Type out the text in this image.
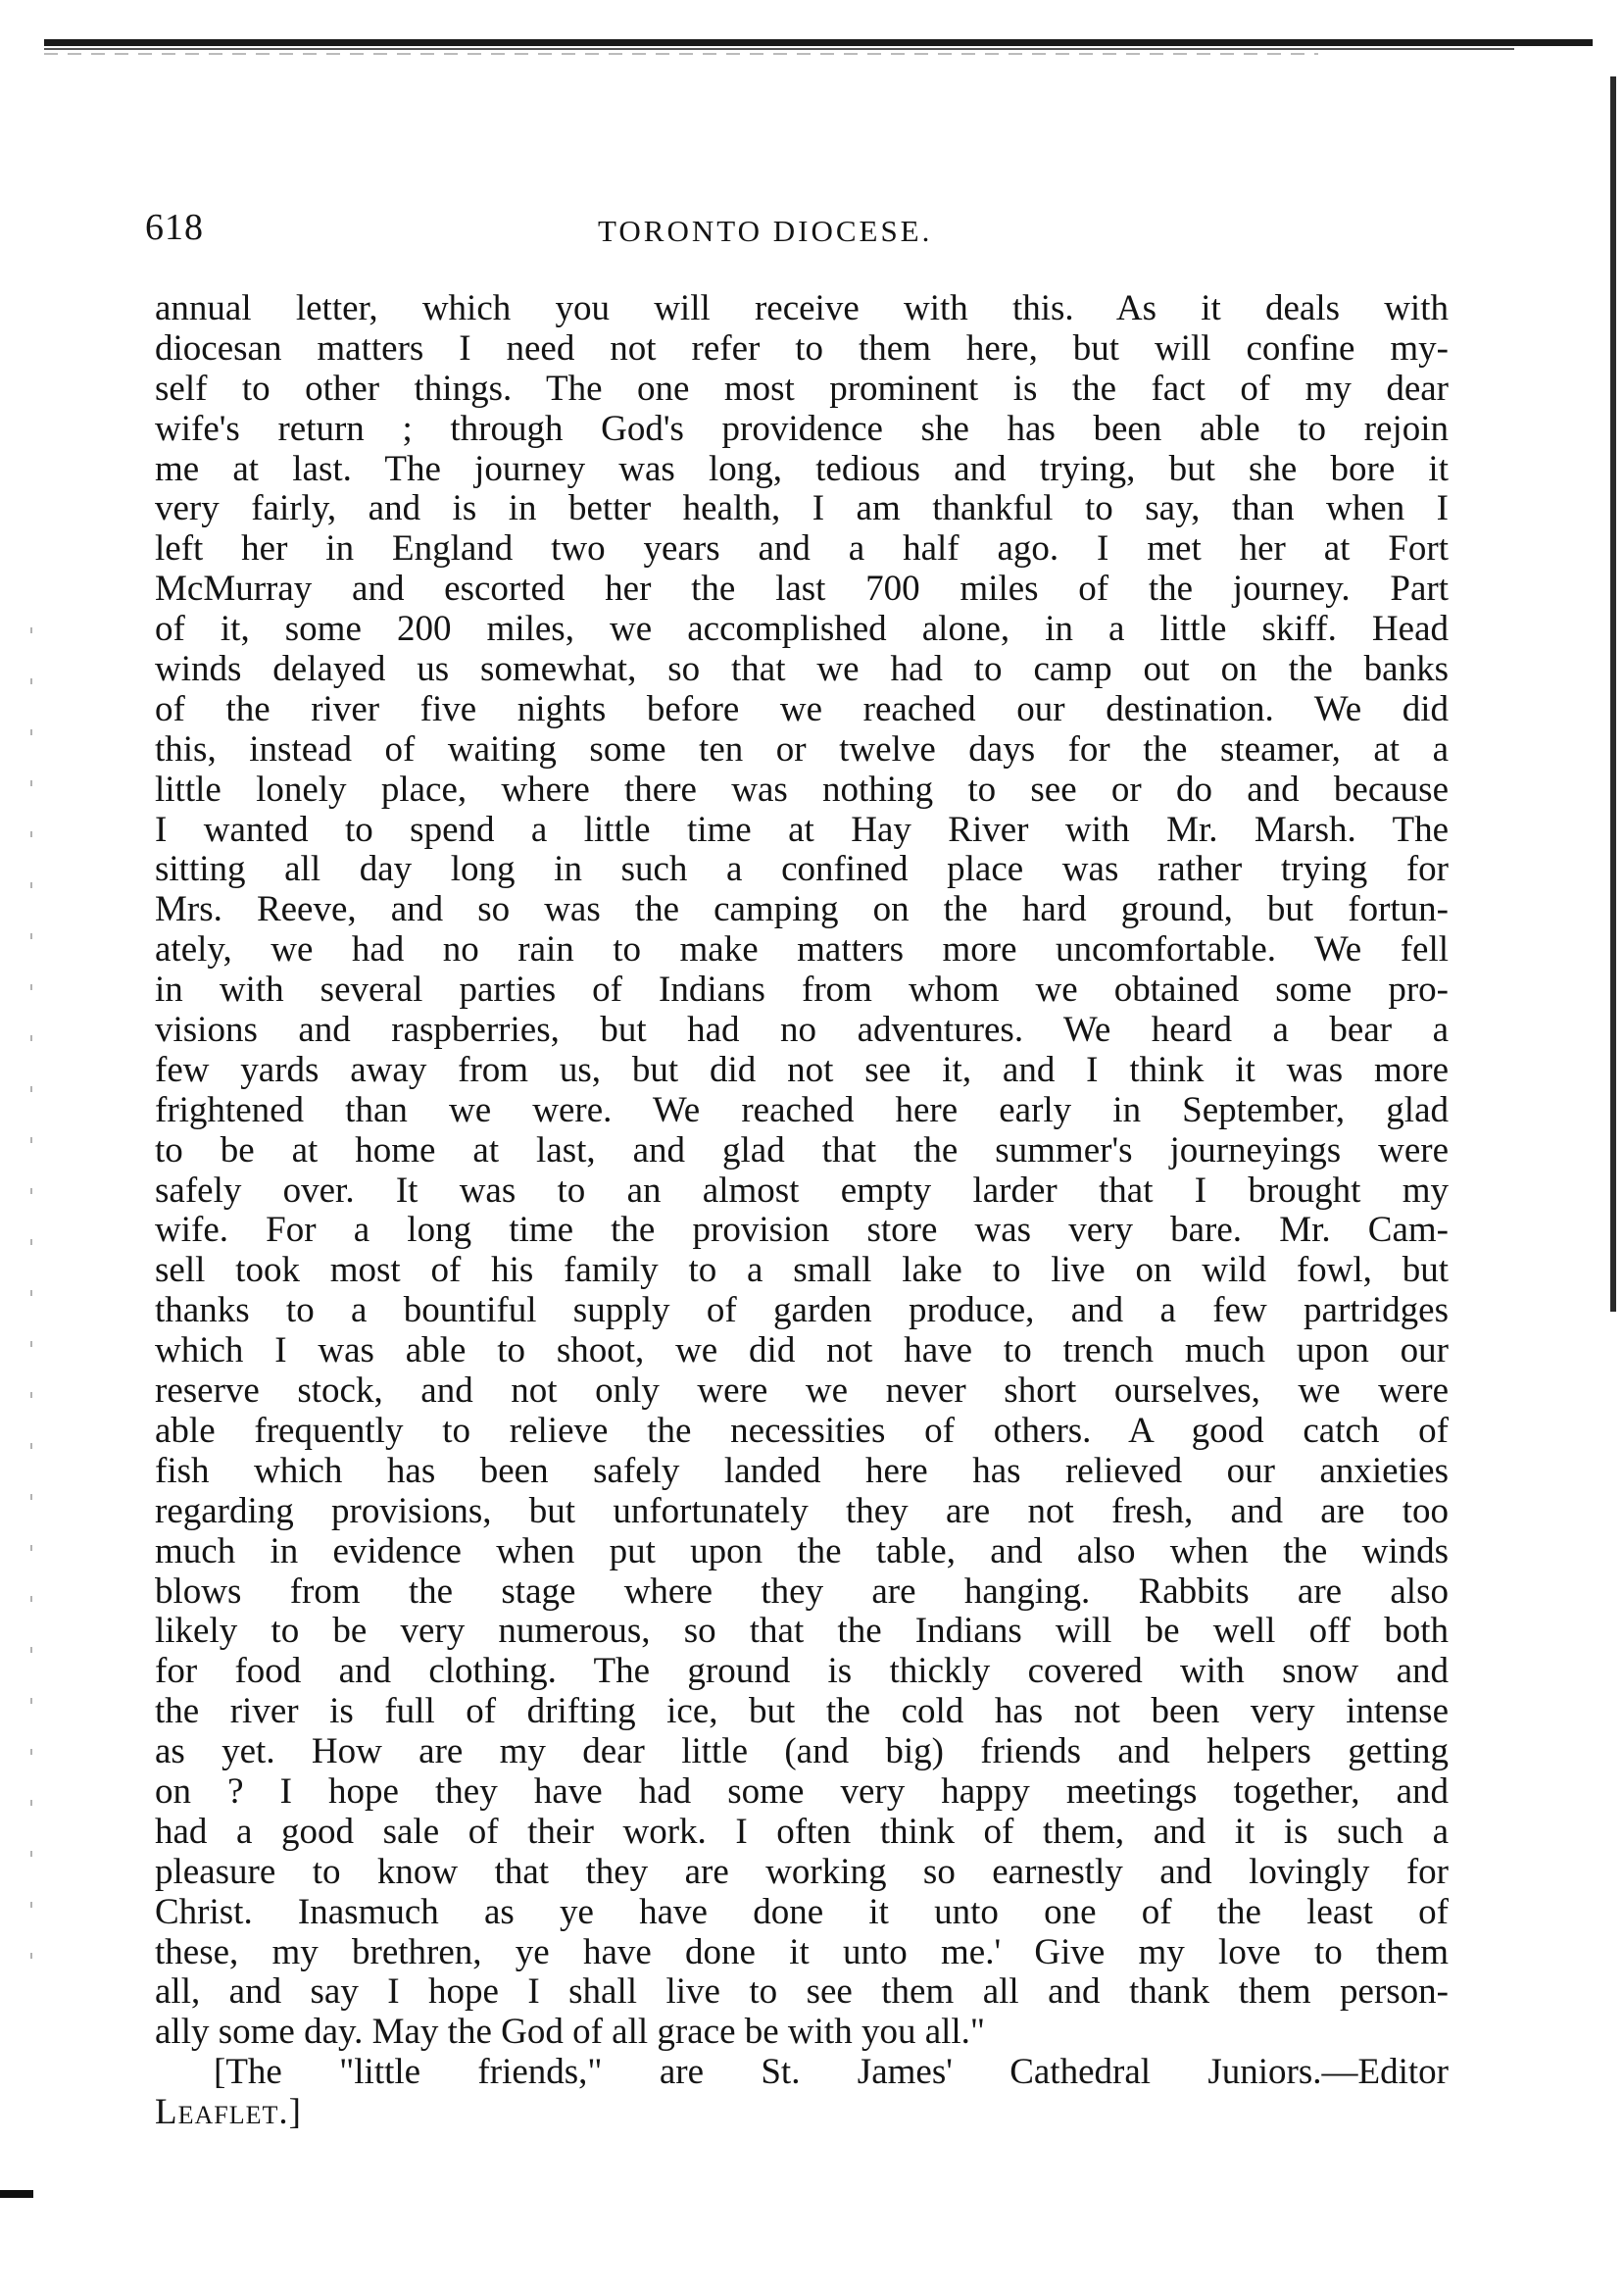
618	TORONTO DIOCESE.
annual letter, which you will receive with this. As it deals with
diocesan matters I need not refer to them here, but will confine my-
self to other things. The one most prominent is the fact of my dear
wife's return ; through God's providence she has been able to rejoin
me at last. The journey was long, tedious and trying, but she bore it
very fairly, and is in better health, I am thankful to say, than when I
left her in England two years and a half ago. I met her at Fort
McMurray and escorted her the last 700 miles of the journey. Part
of it, some 200 miles, we accomplished alone, in a little skiff. Head
winds delayed us somewhat, so that we had to camp out on the banks
of the river five nights before we reached our destination. We did
this, instead of waiting some ten or twelve days for the steamer, at a
little lonely place, where there was nothing to see or do and because
I wanted to spend a little time at Hay River with Mr. Marsh. The
sitting all day long in such a confined place was rather trying for
Mrs. Reeve, and so was the camping on the hard ground, but fortun-
ately, we had no rain to make matters more uncomfortable. We fell
in with several parties of Indians from whom we obtained some pro-
visions and raspberries, but had no adventures. We heard a bear a
few yards away from us, but did not see it, and I think it was more
frightened than we were. We reached here early in September, glad
to be at home at last, and glad that the summer's journeyings were
safely over. It was to an almost empty larder that I brought my
wife. For a long time the provision store was very bare. Mr. Cam-
sell took most of his family to a small lake to live on wild fowl, but
thanks to a bountiful supply of garden produce, and a few partridges
which I was able to shoot, we did not have to trench much upon our
reserve stock, and not only were we never short ourselves, we were
able frequently to relieve the necessities of others. A good catch of
fish which has been safely landed here has relieved our anxieties
regarding provisions, but unfortunately they are not fresh, and are too
much in evidence when put upon the table, and also when the winds
blows from the stage where they are hanging. Rabbits are also
likely to be very numerous, so that the Indians will be well off both
for food and clothing. The ground is thickly covered with snow and
the river is full of drifting ice, but the cold has not been very intense
as yet. How are my dear little (and big) friends and helpers getting
on ? I hope they have had some very happy meetings together, and
had a good sale of their work. I often think of them, and it is such a
pleasure to know that they are working so earnestly and lovingly for
Christ. Inasmuch as ye have done it unto one of the least of
these, my brethren, ye have done it unto me.' Give my love to them
all, and say I hope I shall live to see them all and thank them person-
ally some day. May the God of all grace be with you all."
[The "little friends," are St. James' Cathedral Juniors.—Editor
Leaflet.]
